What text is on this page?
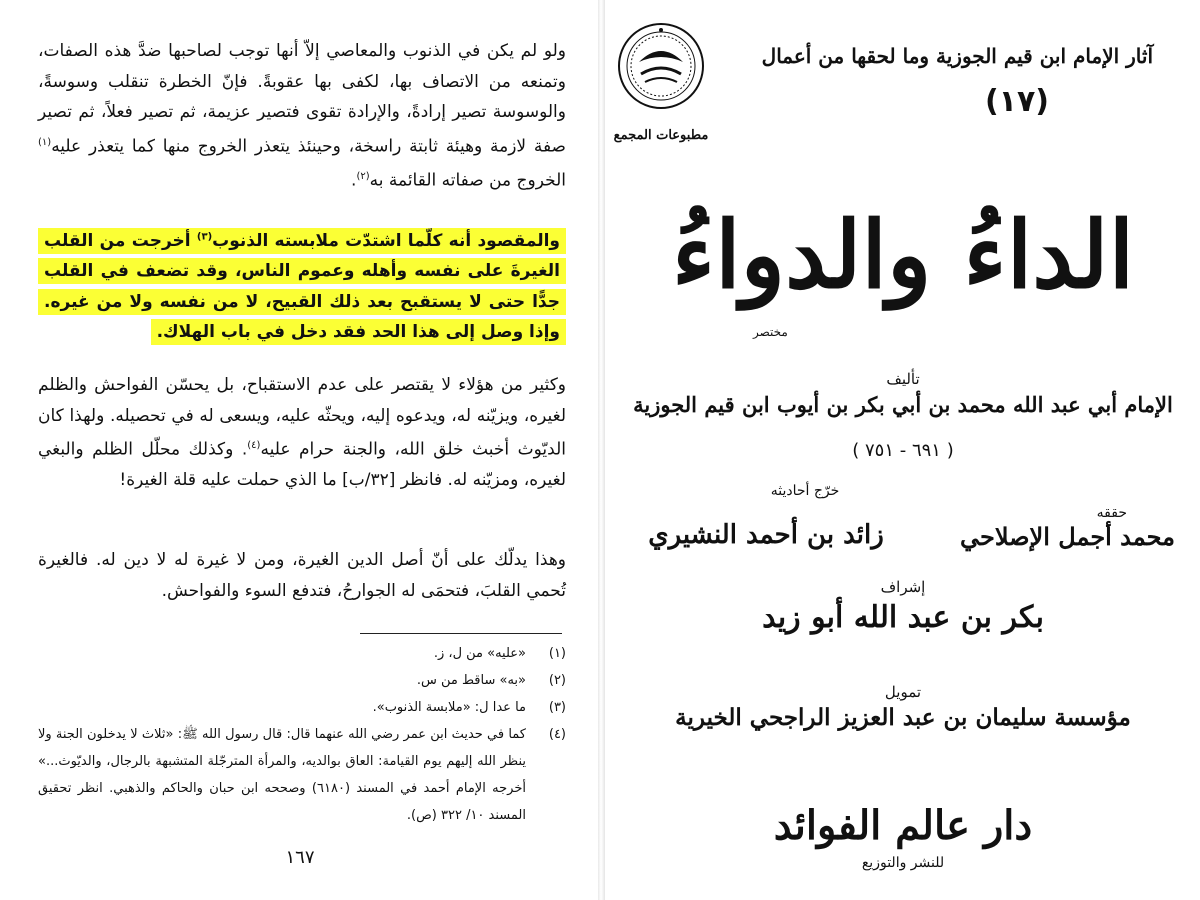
ولو لم يكن في الذنوب والمعاصي إلاّ أنها توجب لصاحبها ضدَّ هذه الصفات، وتمنعه من الاتصاف بها، لكفى بها عقوبةً. فإنّ الخطرة تنقلب وسوسةً، والوسوسة تصير إرادةً، والإرادة تقوى فتصير عزيمة، ثم تصير فعلاً، ثم تصير صفة لازمة وهيئة ثابتة راسخة، وحينئذ يتعذر الخروج منها كما يتعذر عليه$^{(١)}$ الخروج من صفاته القائمة به$^{(٢)}$.
والمقصود أنه كلّما اشتدّت ملابسته الذنوب$^{(٣)}$ أخرجت من القلب الغيرةَ على نفسه وأهله وعموم الناس، وقد تضعف في القلب جدًّا حتى لا يستقبح بعد ذلك القبيح، لا من نفسه ولا من غيره. وإذا وصل إلى هذا الحد فقد دخل في باب الهلاك.
وكثير من هؤلاء لا يقتصر على عدم الاستقباح، بل يحسّن الفواحش والظلم لغيره، ويزيّنه له، ويدعوه إليه، ويحثّه عليه، ويسعى له في تحصيله. ولهذا كان الديّوث أخبث خلق الله، والجنة حرام عليه$^{(٤)}$. وكذلك محلّل الظلم والبغي لغيره، ومزيّنه له. فانظر [٣٢/ب] ما الذي حملت عليه قلة الغيرة!
وهذا يدلّك على أنّ أصل الدين الغيرة، ومن لا غيرة له لا دين له. فالغيرة تُحمي القلبَ، فتحمَى له الجوارحُ، فتدفع السوء والفواحش.
(١)
«عليه» من ل، ز.
(٢)
«به» ساقط من س.
(٣)
ما عدا ل: «ملابسة الذنوب».
(٤)
كما في حديث ابن عمر رضي الله عنهما قال: قال رسول الله ﷺ: «ثلاث لا يدخلون الجنة ولا ينظر الله إليهم يوم القيامة: العاق بوالديه، والمرأة المترجّلة المتشبهة بالرجال، والديّوث...» أخرجه الإمام أحمد في المسند (٦١٨٠) وصححه ابن حبان والحاكم والذهبي. انظر تحقيق المسند ١٠/ ٣٢٢ (ص).
١٦٧
آثار الإمام ابن قيم الجوزية وما لحقها من أعمال
(١٧)
مطبوعات المجمع
الداءُ والدواءُ
مختصر
تأليف
الإمام أبي عبد الله محمد بن أبي بكر بن أيوب ابن قيم الجوزية
( ٦٩١ - ٧٥١ )
حققه
محمد أجمل الإصلاحي
خرّج أحاديثه
زائد بن أحمد النشيري
إشراف
بكر بن عبد الله أبو زيد
تمويل
مؤسسة سليمان بن عبد العزيز الراجحي الخيرية
دار عالم الفوائد
للنشر والتوزيع
